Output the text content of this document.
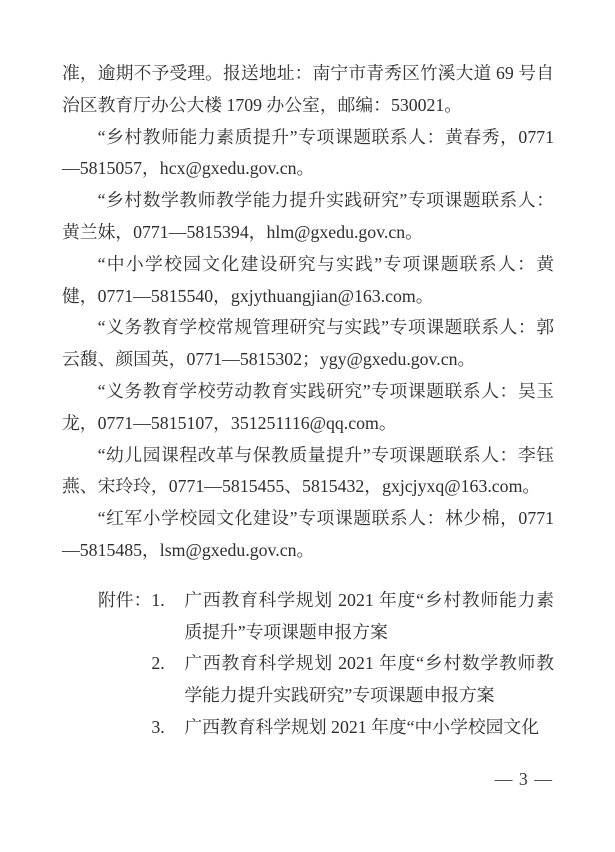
准，逾期不予受理。报送地址：南宁市青秀区竹溪大道 69 号自治区教育厅办公大楼 1709 办公室，邮编：530021。

“乡村教师能力素质提升”专项课题联系人：黄春秀，0771—5815057，hcx@gxedu.gov.cn。

“乡村数学教师教学能力提升实践研究”专项课题联系人：黄兰妹，0771—5815394，hlm@gxedu.gov.cn。

“中小学校园文化建设研究与实践”专项课题联系人：黄健，0771—5815540，gxjythuangjian@163.com。

“义务教育学校常规管理研究与实践”专项课题联系人：郭云馥、颜国英，0771—5815302；ygy@gxedu.gov.cn。

“义务教育学校劳动教育实践研究”专项课题联系人：吴玉龙，0771—5815107，351251116@qq.com。

“幼儿园课程改革与保教质量提升”专项课题联系人：李钰燕、宋玲玲，0771—5815455、5815432，gxjcjyxq@163.com。

“红军小学校园文化建设”专项课题联系人：林少棉，0771—5815485，lsm@gxedu.gov.cn。

附件： 1.	广西教育科学规划 2021 年度“乡村教师能力素质提升”专项课题申报方案
2.	广西教育科学规划 2021 年度“乡村数学教师教学能力提升实践研究”专项课题申报方案
3.	广西教育科学规划 2021 年度“中小学校园文化
— 3 —
